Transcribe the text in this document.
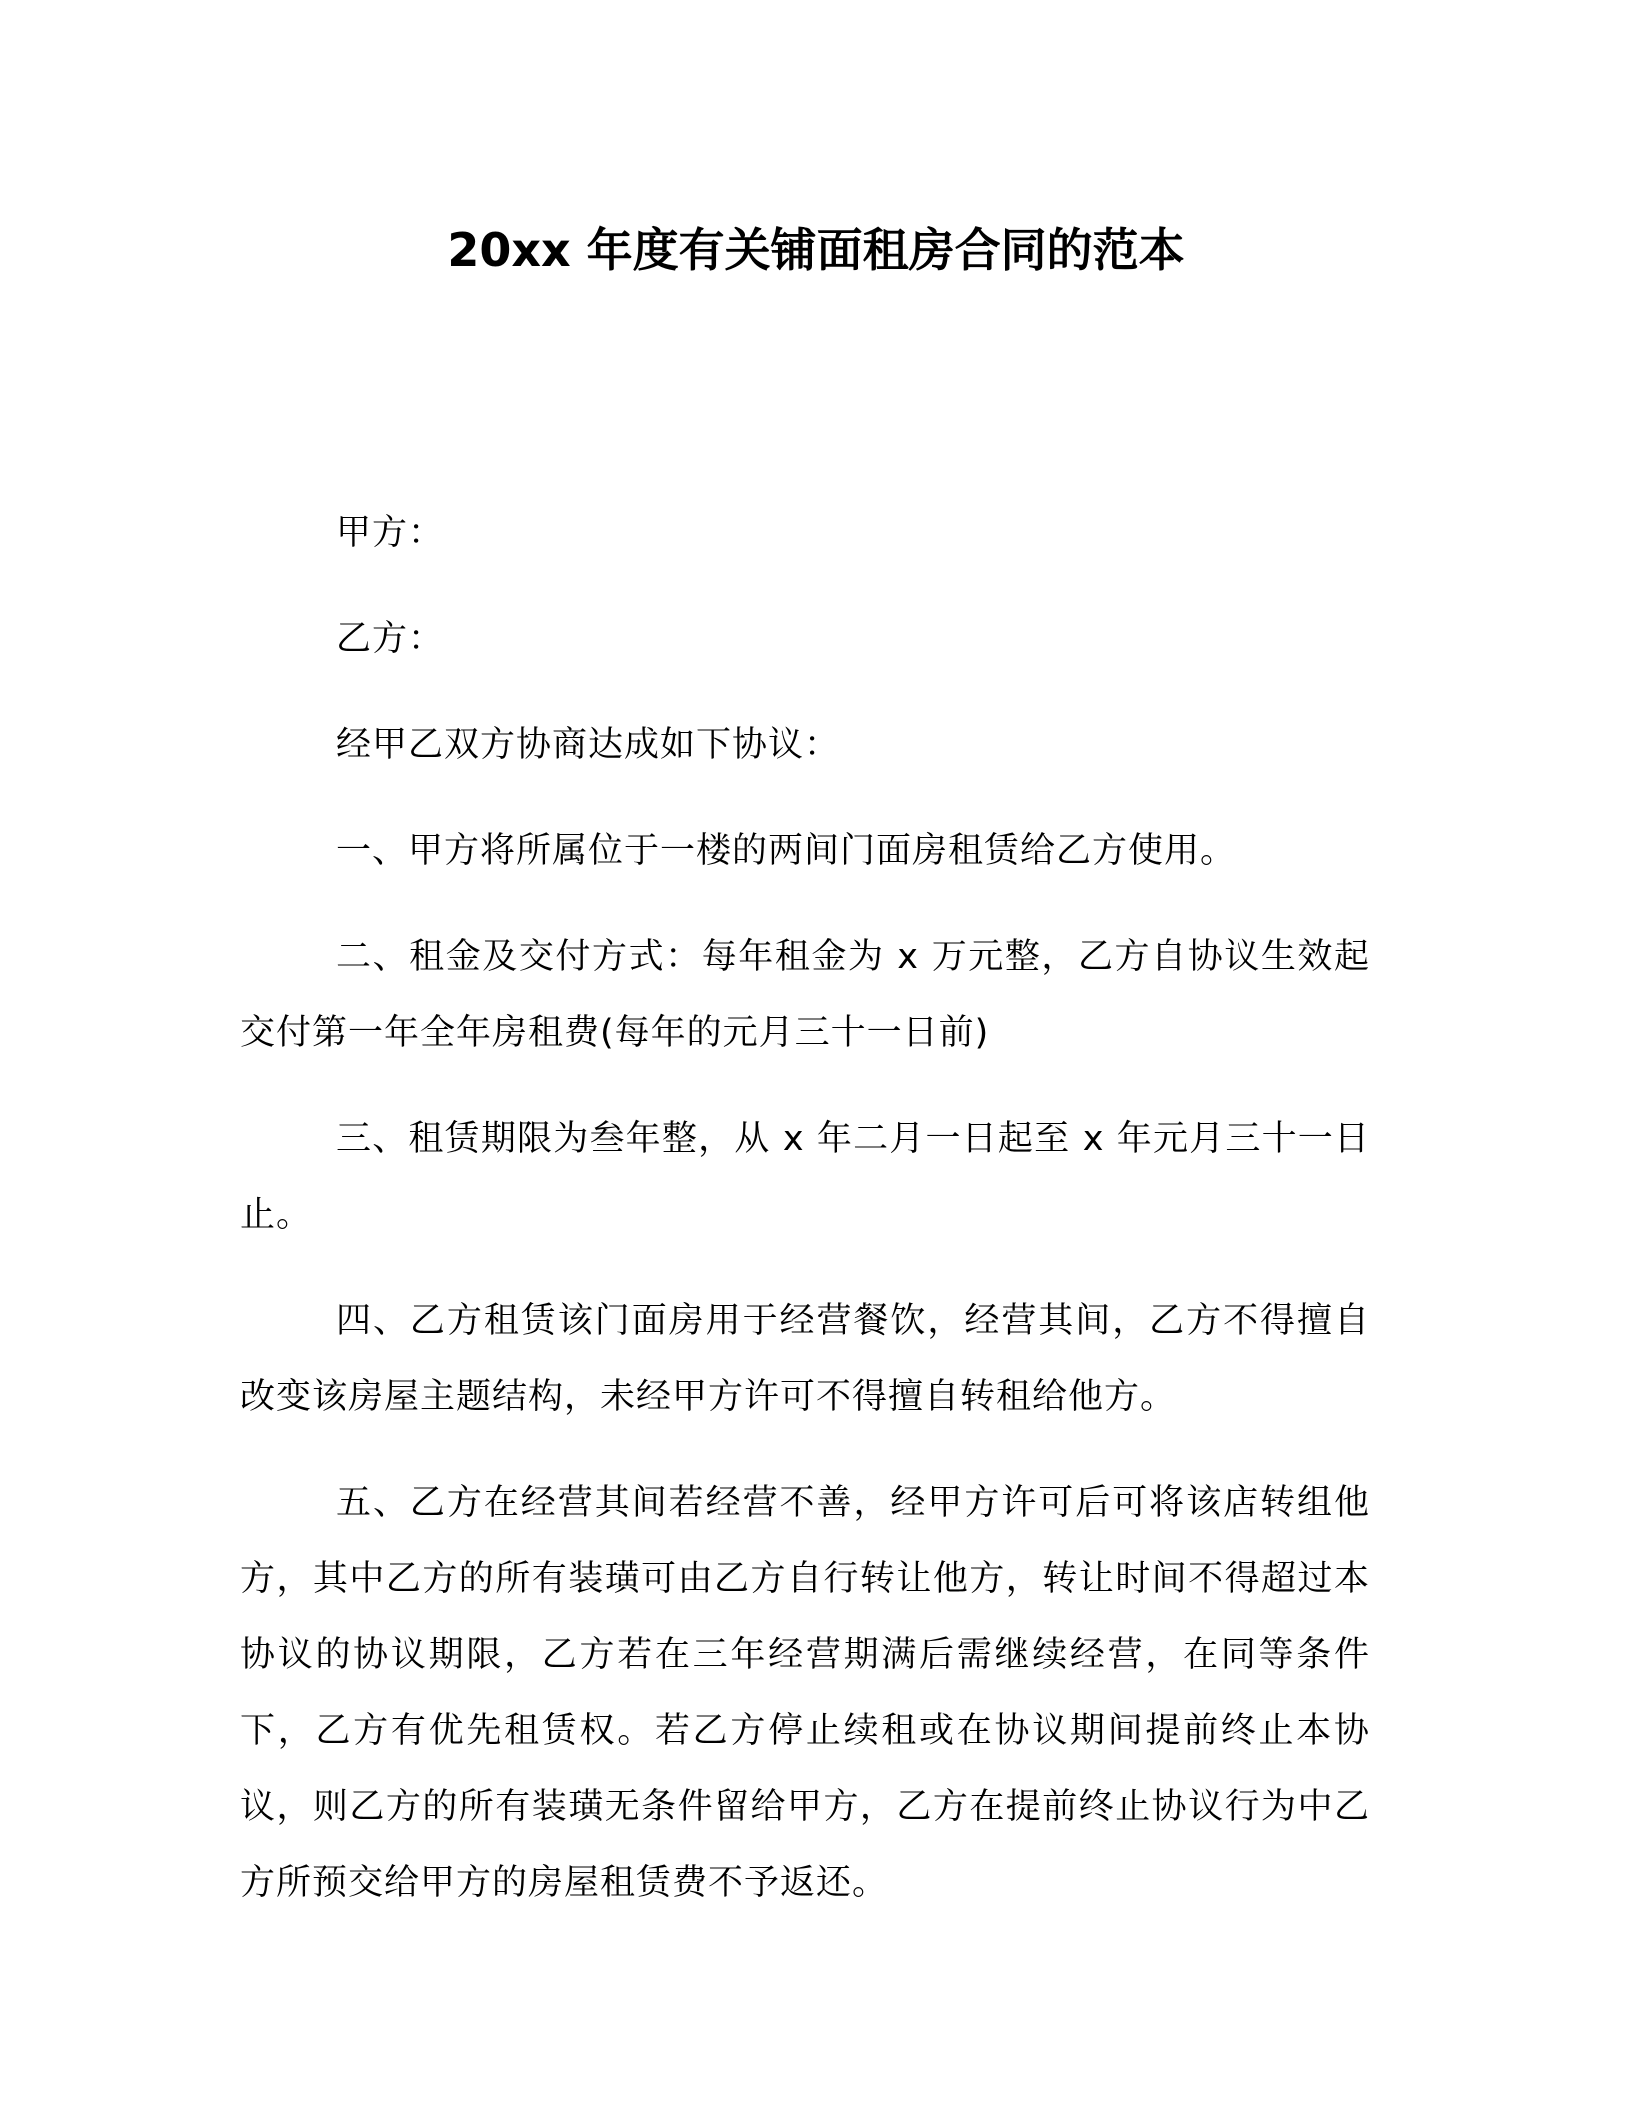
20xx 年度有关铺面租房合同的范本

甲方：

乙方：

经甲乙双方协商达成如下协议：

一、甲方将所属位于一楼的两间门面房租赁给乙方使用。

二、租金及交付方式：每年租金为 x 万元整，乙方自协议生效起交付第一年全年房租费(每年的元月三十一日前)

三、租赁期限为叁年整，从 x 年二月一日起至 x 年元月三十一日止。

四、乙方租赁该门面房用于经营餐饮，经营其间，乙方不得擅自改变该房屋主题结构，未经甲方许可不得擅自转租给他方。

五、乙方在经营其间若经营不善，经甲方许可后可将该店转组他方，其中乙方的所有装璜可由乙方自行转让他方，转让时间不得超过本协议的协议期限，乙方若在三年经营期满后需继续经营，在同等条件下，乙方有优先租赁权。若乙方停止续租或在协议期间提前终止本协议，则乙方的所有装璜无条件留给甲方，乙方在提前终止协议行为中乙方所预交给甲方的房屋租赁费不予返还。
